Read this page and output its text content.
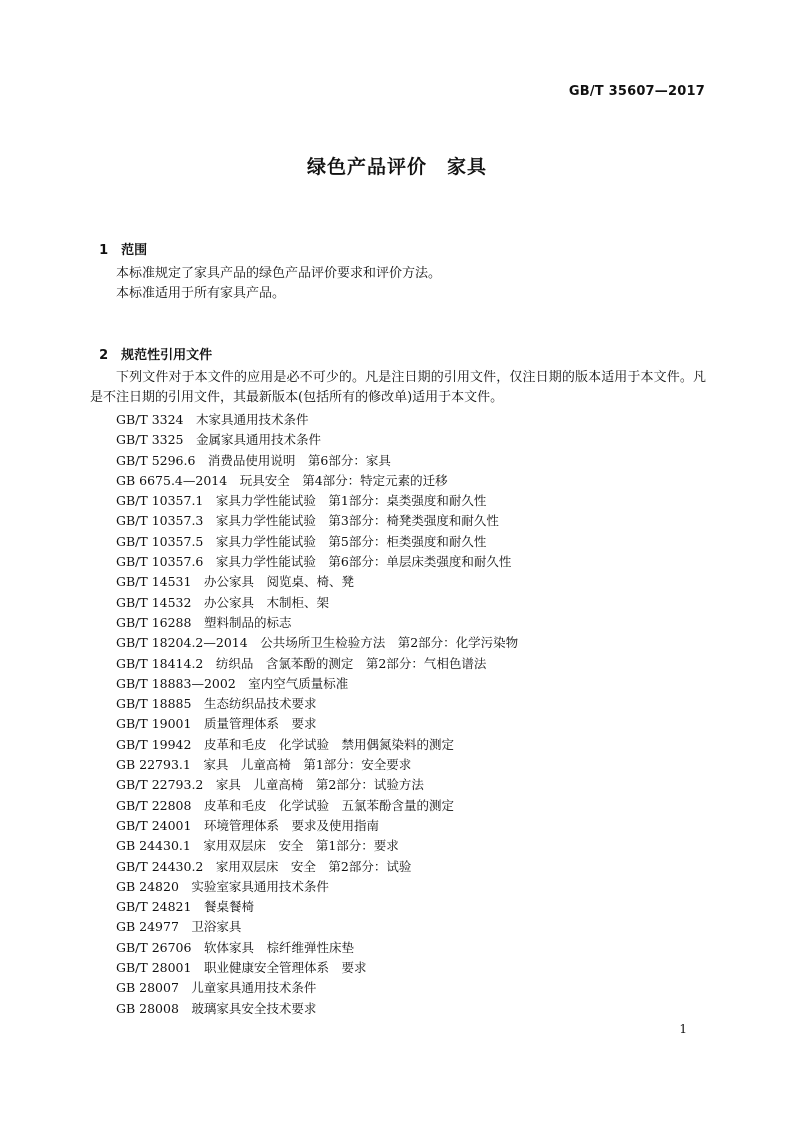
GB/T 35607—2017
绿色产品评价　家具

1 范围

本标准规定了家具产品的绿色产品评价要求和评价方法。
本标准适用于所有家具产品。

2 规范性引用文件

下列文件对于本文件的应用是必不可少的。凡是注日期的引用文件，仅注日期的版本适用于本文件。凡是不注日期的引用文件，其最新版本(包括所有的修改单)适用于本文件。
GB/T 3324　木家具通用技术条件
GB/T 3325　金属家具通用技术条件
GB/T 5296.6　消费品使用说明　第6部分：家具
GB 6675.4—2014　玩具安全　第4部分：特定元素的迁移
GB/T 10357.1　家具力学性能试验　第1部分：桌类强度和耐久性
GB/T 10357.3　家具力学性能试验　第3部分：椅凳类强度和耐久性
GB/T 10357.5　家具力学性能试验　第5部分：柜类强度和耐久性
GB/T 10357.6　家具力学性能试验　第6部分：单层床类强度和耐久性
GB/T 14531　办公家具　阅览桌、椅、凳
GB/T 14532　办公家具　木制柜、架
GB/T 16288　塑料制品的标志
GB/T 18204.2—2014　公共场所卫生检验方法　第2部分：化学污染物
GB/T 18414.2　纺织品　含氯苯酚的测定　第2部分：气相色谱法
GB/T 18883—2002　室内空气质量标准
GB/T 18885　生态纺织品技术要求
GB/T 19001　质量管理体系　要求
GB/T 19942　皮革和毛皮　化学试验　禁用偶氮染料的测定
GB 22793.1　家具　儿童高椅　第1部分：安全要求
GB/T 22793.2　家具　儿童高椅　第2部分：试验方法
GB/T 22808　皮革和毛皮　化学试验　五氯苯酚含量的测定
GB/T 24001　环境管理体系　要求及使用指南
GB 24430.1　家用双层床　安全　第1部分：要求
GB/T 24430.2　家用双层床　安全　第2部分：试验
GB 24820　实验室家具通用技术条件
GB/T 24821　餐桌餐椅
GB 24977　卫浴家具
GB/T 26706　软体家具　棕纤维弹性床垫
GB/T 28001　职业健康安全管理体系　要求
GB 28007　儿童家具通用技术条件
GB 28008　玻璃家具安全技术要求
1
